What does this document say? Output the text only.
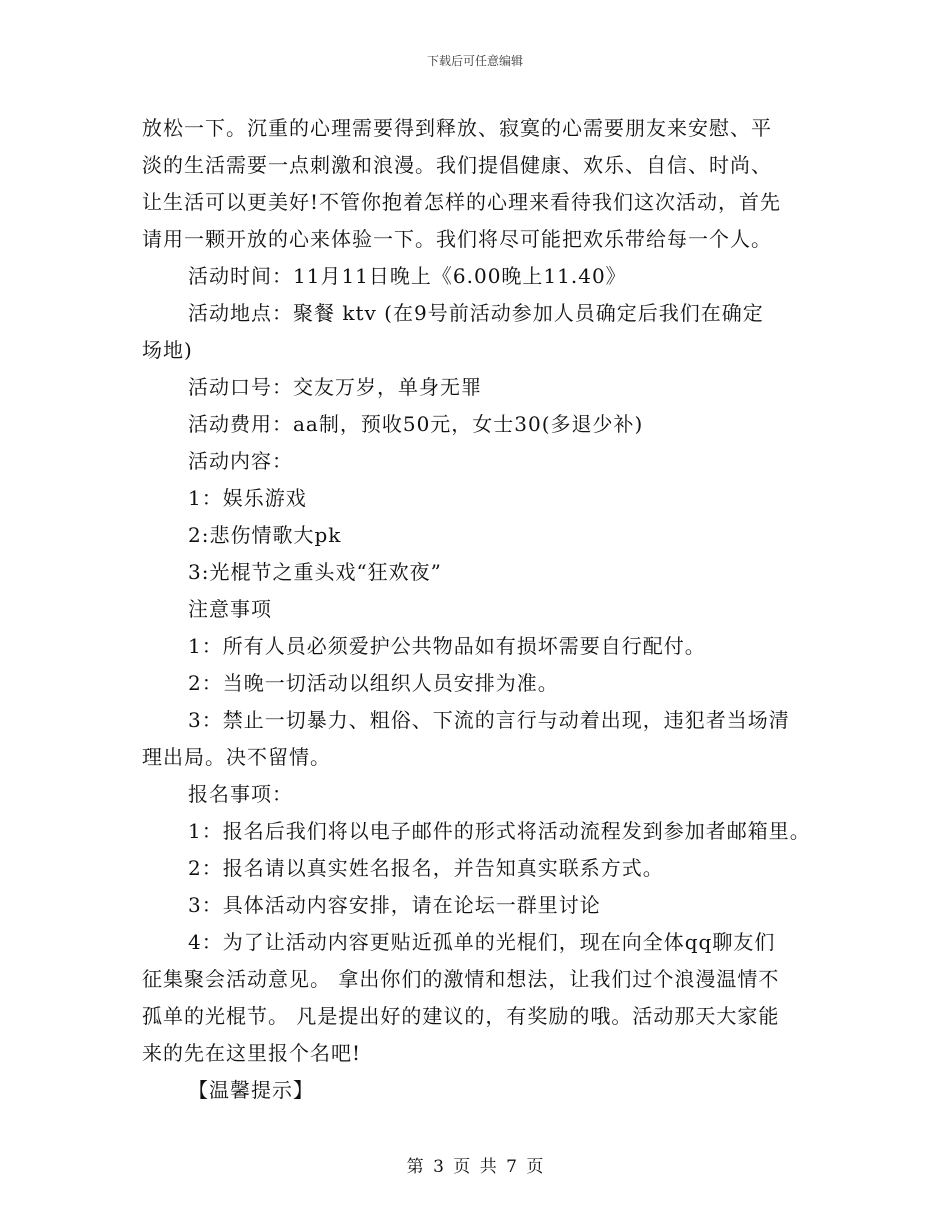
下载后可任意编辑
放松一下。沉重的心理需要得到释放、寂寞的心需要朋友来安慰、平
淡的生活需要一点刺激和浪漫。我们提倡健康、欢乐、自信、时尚、
让生活可以更美好!不管你抱着怎样的心理来看待我们这次活动，首先
请用一颗开放的心来体验一下。我们将尽可能把欢乐带给每一个人。
活动时间：11月11日晚上《6.00晚上11.40》
活动地点：聚餐 ktv (在9号前活动参加人员确定后我们在确定
场地)
活动口号：交友万岁，单身无罪
活动费用：aa制，预收50元，女士30(多退少补)
活动内容：
1：娱乐游戏
2:悲伤情歌大pk
3:光棍节之重头戏“狂欢夜”
注意事项
1：所有人员必须爱护公共物品如有损坏需要自行配付。
2：当晚一切活动以组织人员安排为准。
3：禁止一切暴力、粗俗、下流的言行与动着出现，违犯者当场清
理出局。决不留情。
报名事项：
1：报名后我们将以电子邮件的形式将活动流程发到参加者邮箱里。
2：报名请以真实姓名报名，并告知真实联系方式。
3：具体活动内容安排，请在论坛一群里讨论
4：为了让活动内容更贴近孤单的光棍们，现在向全体qq聊友们
征集聚会活动意见。 拿出你们的激情和想法，让我们过个浪漫温情不
孤单的光棍节。 凡是提出好的建议的，有奖励的哦。活动那天大家能
来的先在这里报个名吧!
【温馨提示】
第 3 页 共 7 页
